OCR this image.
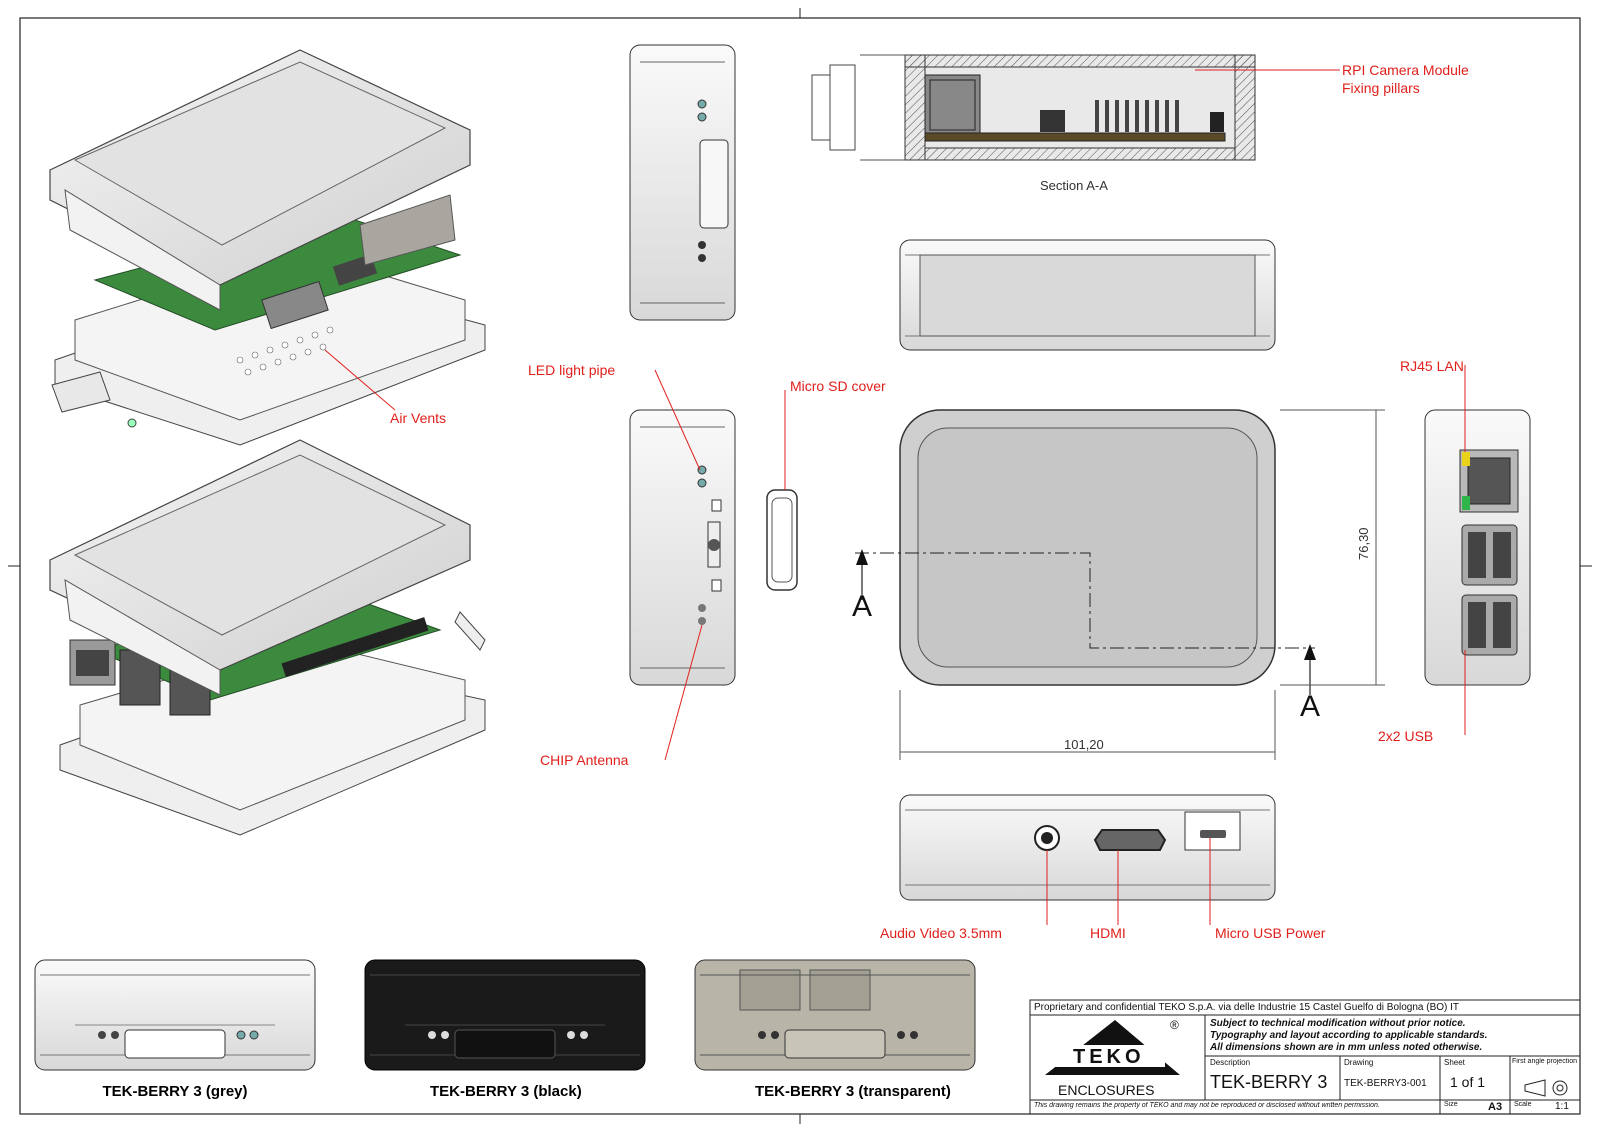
RPI Camera Module
Fixing pillars
Section A-A
Air Vents
LED light pipe
Micro SD cover
RJ45 LAN
2x2 USB
CHIP Antenna
Audio Video 3.5mm	HDMI	Micro USB Power
A
A
101,20
76,30
TEK-BERRY 3 (grey)	TEK-BERRY 3 (black)	TEK-BERRY 3 (transparent)
Proprietary and confidential TEKO S.p.A. via delle Industrie 15 Castel Guelfo di Bologna (BO) IT
Subject to technical modification without prior notice.
Typography and layout according to applicable standards.
All dimensions shown are in mm unless noted otherwise.
TEKO
®
ENCLOSURES
Description
TEK-BERRY 3
Drawing
TEK-BERRY3-001
Sheet
1 of 1
First angle projection
This drawing remains the property of TEKO and may not be reproduced or disclosed without written permission.	Size	A3 Scale 1:1
